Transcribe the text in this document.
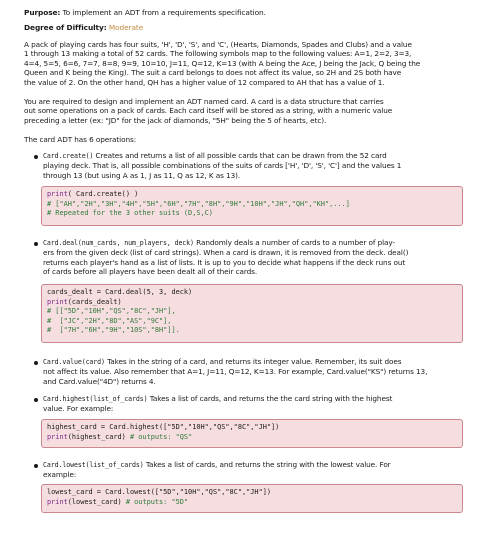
Purpose: To implement an ADT from a requirements specification.
Degree of Difficulty: Moderate
A pack of playing cards has four suits, 'H', 'D', 'S', and 'C', (Hearts, Diamonds, Spades and Clubs) and a value
1 through 13 making a total of 52 cards. The following symbols map to the following values: A=1, 2=2, 3=3,
4=4, 5=5, 6=6, 7=7, 8=8, 9=9, 10=10, J=11, Q=12, K=13 (with A being the Ace, J being the Jack, Q being the
Queen and K being the King). The suit a card belongs to does not affect its value, so 2H and 2S both have
the value of 2. On the other hand, QH has a higher value of 12 compared to AH that has a value of 1.
You are required to design and implement an ADT named card. A card is a data structure that carries
out some operations on a pack of cards. Each card itself will be stored as a string, with a numeric value
preceding a letter (ex: "JD" for the jack of diamonds, "5H" being the 5 of hearts, etc).
The card ADT has 6 operations:
Card.create() Creates and returns a list of all possible cards that can be drawn from the 52 card
playing deck. That is, all possible combinations of the suits of cards ['H', 'D', 'S', 'C'] and the values 1
through 13 (but using A as 1, J as 11, Q as 12, K as 13).
print( Card.create() )
# ["AH","2H","3H","4H","5H","6H","7H","8H","9H","10H","JH","QH","KH",...]
# Repeated for the 3 other suits (D,S,C)
Card.deal(num_cards, num_players, deck) Randomly deals a number of cards to a number of play-
ers from the given deck (list of card strings). When a card is drawn, it is removed from the deck. deal()
returns each player's hand as a list of lists. It is up to you to decide what happens if the deck runs out
of cards before all players have been dealt all of their cards.
cards_dealt = Card.deal(5, 3, deck)
print(cards_dealt)
# [["5D","10H","QS","8C","JH"],
#  ["JC","2H","8D","AS","9C"],
#  ["7H","6H","9H","10S","8H"]].
Card.value(card) Takes in the string of a card, and returns its integer value. Remember, its suit does
not affect its value. Also remember that A=1, J=11, Q=12, K=13. For example, Card.value("KS") returns 13,
and Card.value("4D") returns 4.
Card.highest(list_of_cards) Takes a list of cards, and returns the the card string with the highest
value. For example:
highest_card = Card.highest(["5D","10H","QS","8C","JH"])
print(highest_card) # outputs: "QS"
Card.lowest(list_of_cards) Takes a list of cards, and returns the string with the lowest value. For
example:
lowest_card = Card.lowest(["5D","10H","QS","8C","JH"])
print(lowest_card) # outputs: "5D"
